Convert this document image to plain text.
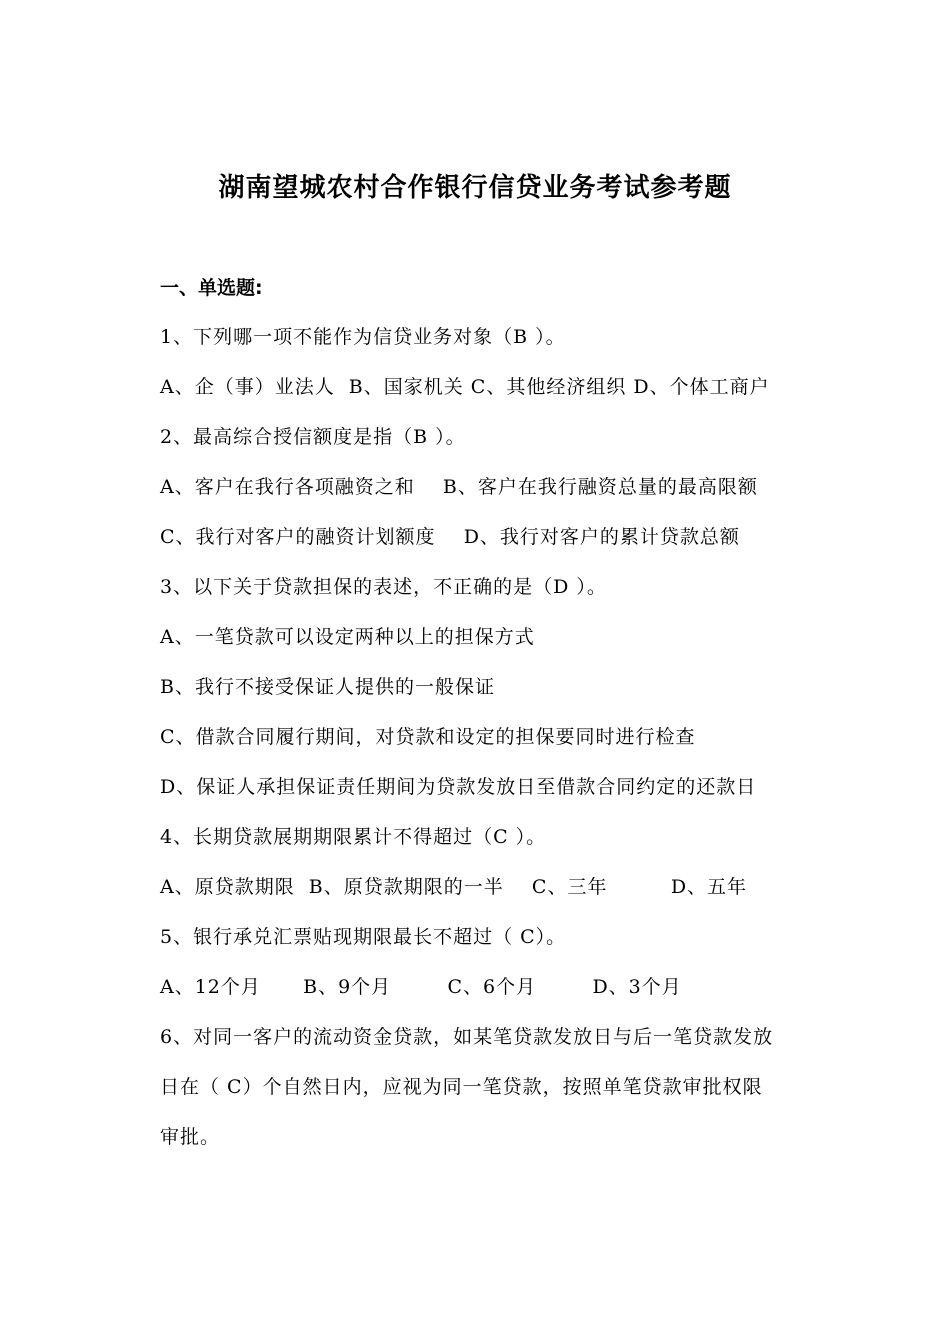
湖南望城农村合作银行信贷业务考试参考题
一、单选题:
1、下列哪一项不能作为信贷业务对象（B ）。
A、企（事）业法人  B、国家机关 C、其他经济组织 D、个体工商户
2、最高综合授信额度是指（B ）。
A、客户在我行各项融资之和    B、客户在我行融资总量的最高限额
C、我行对客户的融资计划额度    D、我行对客户的累计贷款总额
3、以下关于贷款担保的表述，不正确的是（D ）。
A、一笔贷款可以设定两种以上的担保方式
B、我行不接受保证人提供的一般保证
C、借款合同履行期间，对贷款和设定的担保要同时进行检查
D、保证人承担保证责任期间为贷款发放日至借款合同约定的还款日
4、长期贷款展期期限累计不得超过（C ）。
A、原贷款期限  B、原贷款期限的一半    C、三年         D、五年
5、银行承兑汇票贴现期限最长不超过（ C）。
A、12个月      B、9个月        C、6个月        D、3个月
6、对同一客户的流动资金贷款，如某笔贷款发放日与后一笔贷款发放
日在（ C）个自然日内，应视为同一笔贷款，按照单笔贷款审批权限
审批。
